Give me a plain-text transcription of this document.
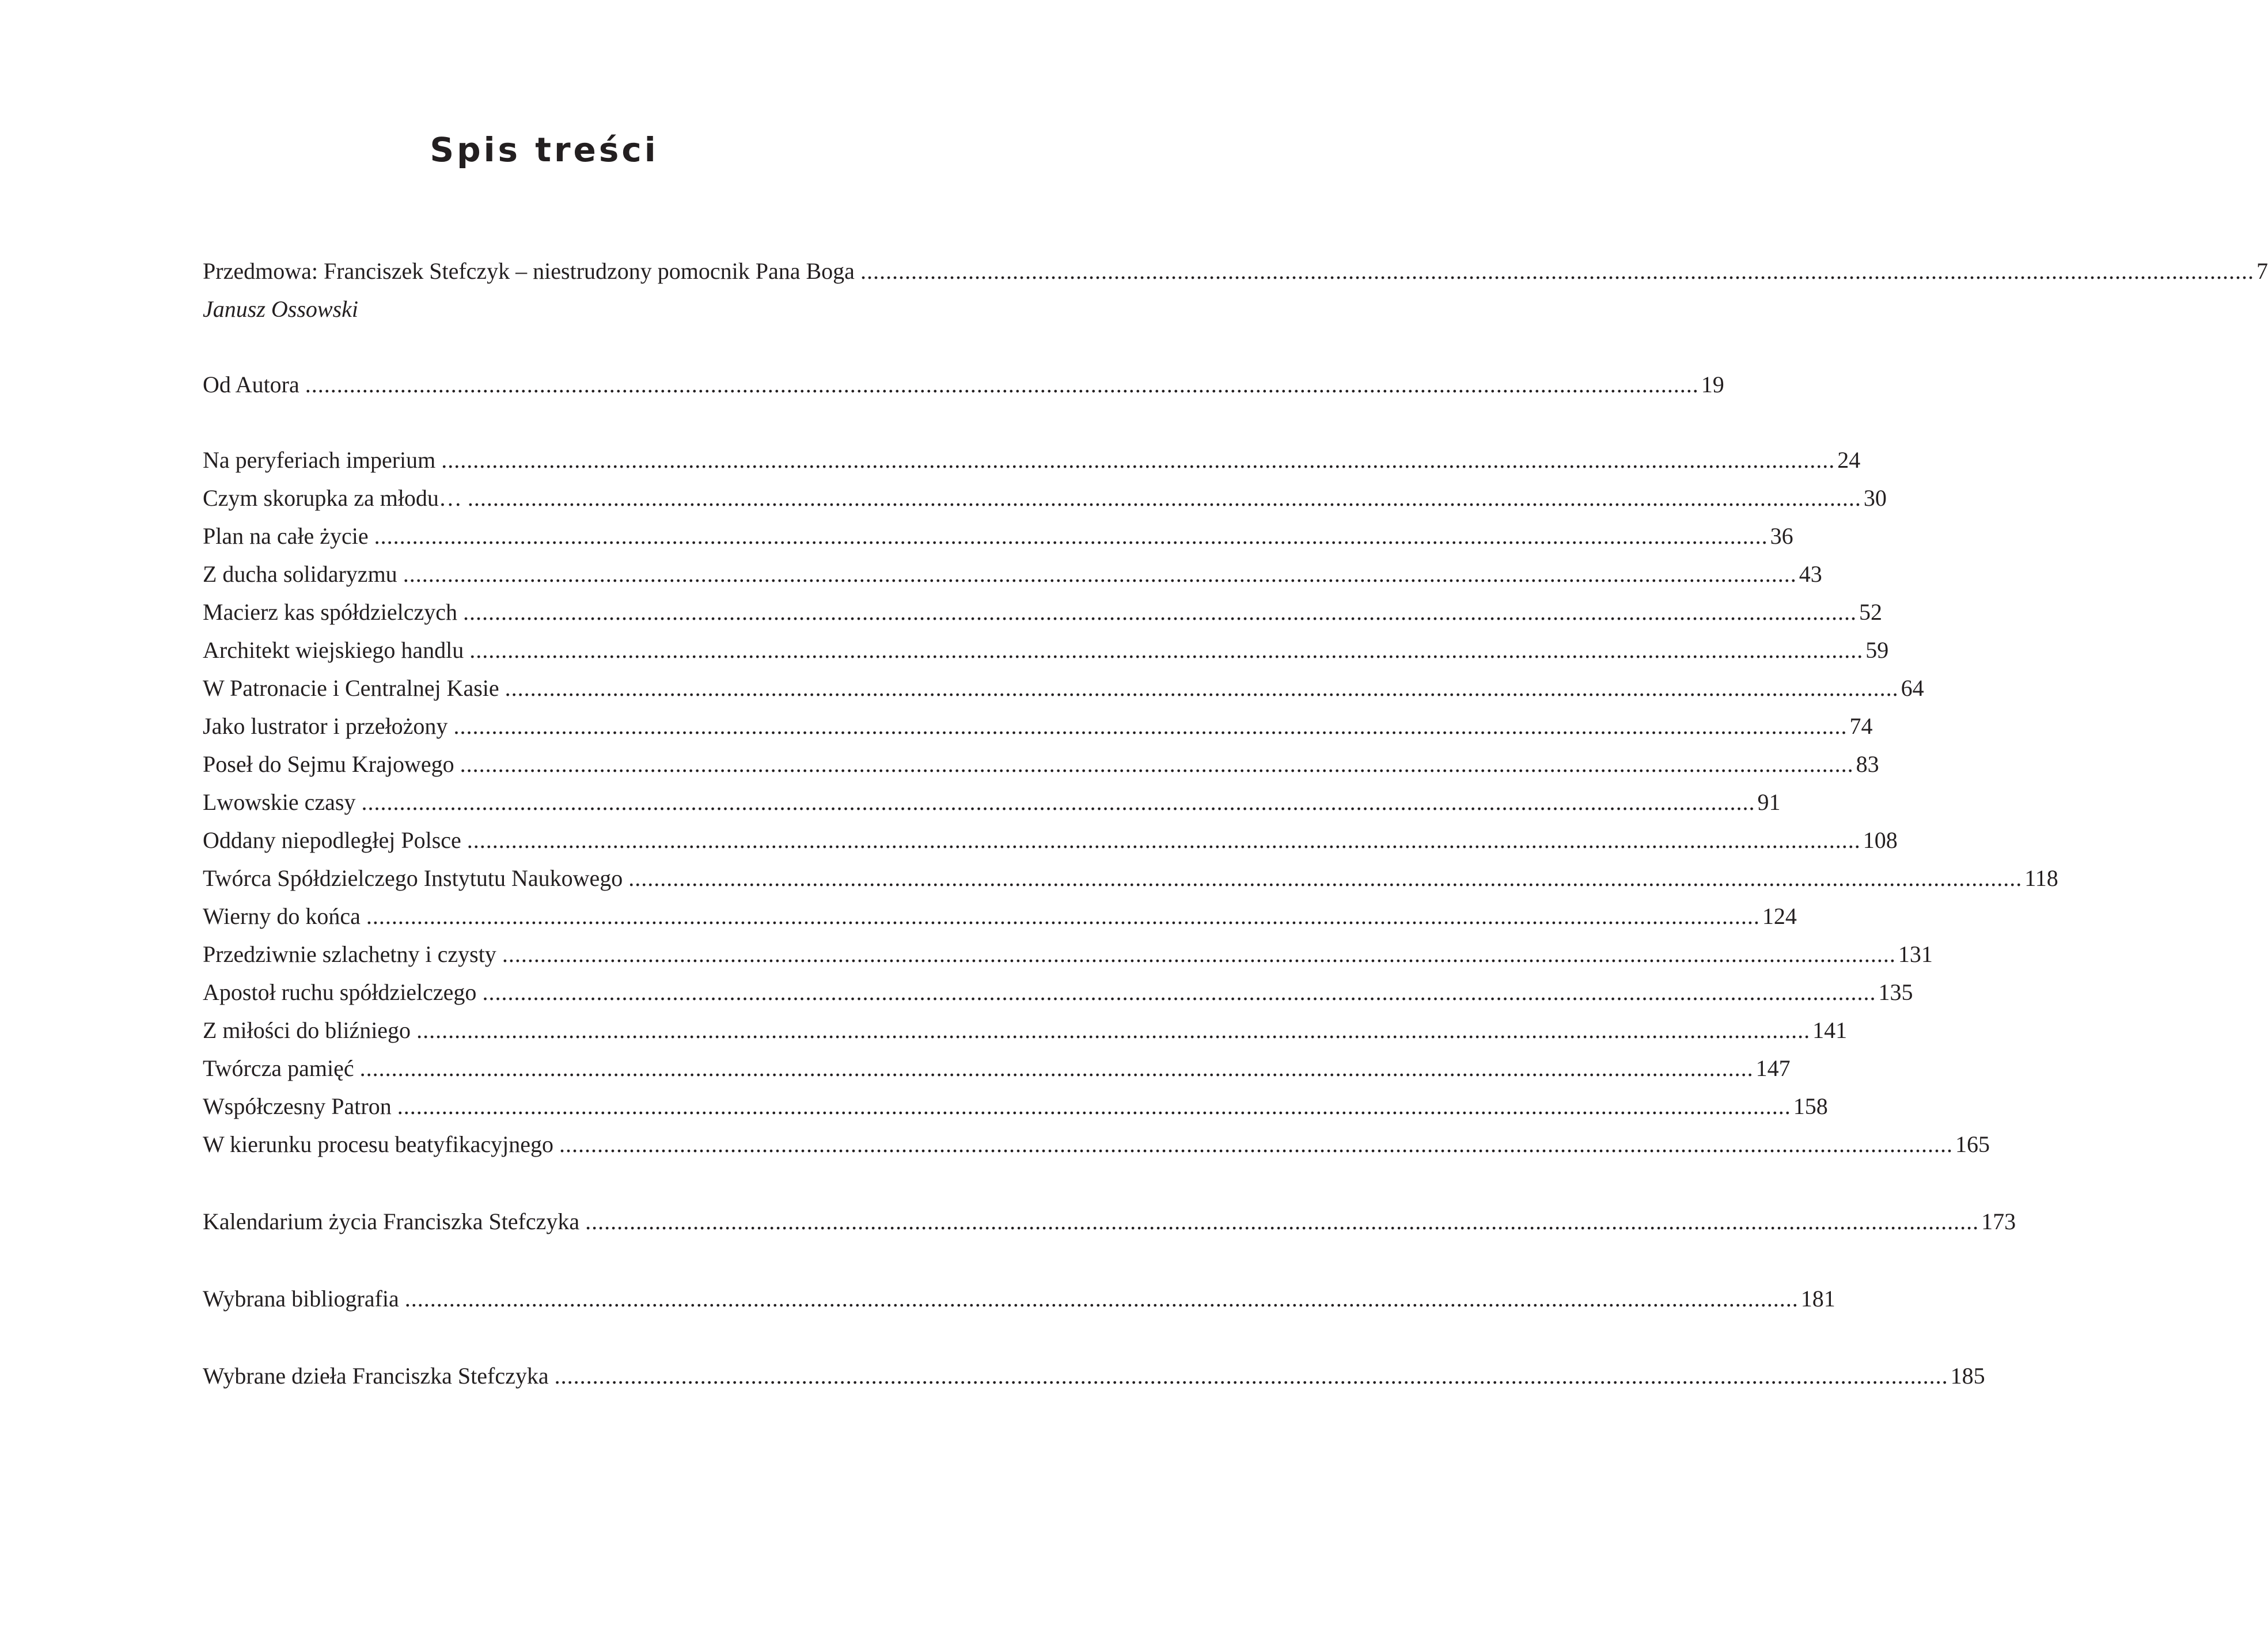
Spis treści
Przedmowa: Franciszek Stefczyk – niestrudzony pomocnik Pana Boga ............................................................................................................................................................................................................................ 7
Janusz Ossowski
Od Autora ............................................................................................................................................................................................................................ 19
Na peryferiach imperium ............................................................................................................................................................................................................................ 24
Czym skorupka za młodu… ............................................................................................................................................................................................................................ 30
Plan na całe życie ............................................................................................................................................................................................................................ 36
Z ducha solidaryzmu ............................................................................................................................................................................................................................ 43
Macierz kas spółdzielczych ............................................................................................................................................................................................................................ 52
Architekt wiejskiego handlu ............................................................................................................................................................................................................................ 59
W Patronacie i Centralnej Kasie ............................................................................................................................................................................................................................ 64
Jako lustrator i przełożony ............................................................................................................................................................................................................................ 74
Poseł do Sejmu Krajowego ............................................................................................................................................................................................................................ 83
Lwowskie czasy ............................................................................................................................................................................................................................ 91
Oddany niepodległej Polsce ............................................................................................................................................................................................................................ 108
Twórca Spółdzielczego Instytutu Naukowego ............................................................................................................................................................................................................................ 118
Wierny do końca ............................................................................................................................................................................................................................ 124
Przedziwnie szlachetny i czysty ............................................................................................................................................................................................................................ 131
Apostoł ruchu spółdzielczego ............................................................................................................................................................................................................................ 135
Z miłości do bliźniego ............................................................................................................................................................................................................................ 141
Twórcza pamięć ............................................................................................................................................................................................................................ 147
Współczesny Patron ............................................................................................................................................................................................................................ 158
W kierunku procesu beatyfikacyjnego ............................................................................................................................................................................................................................ 165
Kalendarium życia Franciszka Stefczyka ............................................................................................................................................................................................................................ 173
Wybrana bibliografia ............................................................................................................................................................................................................................ 181
Wybrane dzieła Franciszka Stefczyka ............................................................................................................................................................................................................................ 185
